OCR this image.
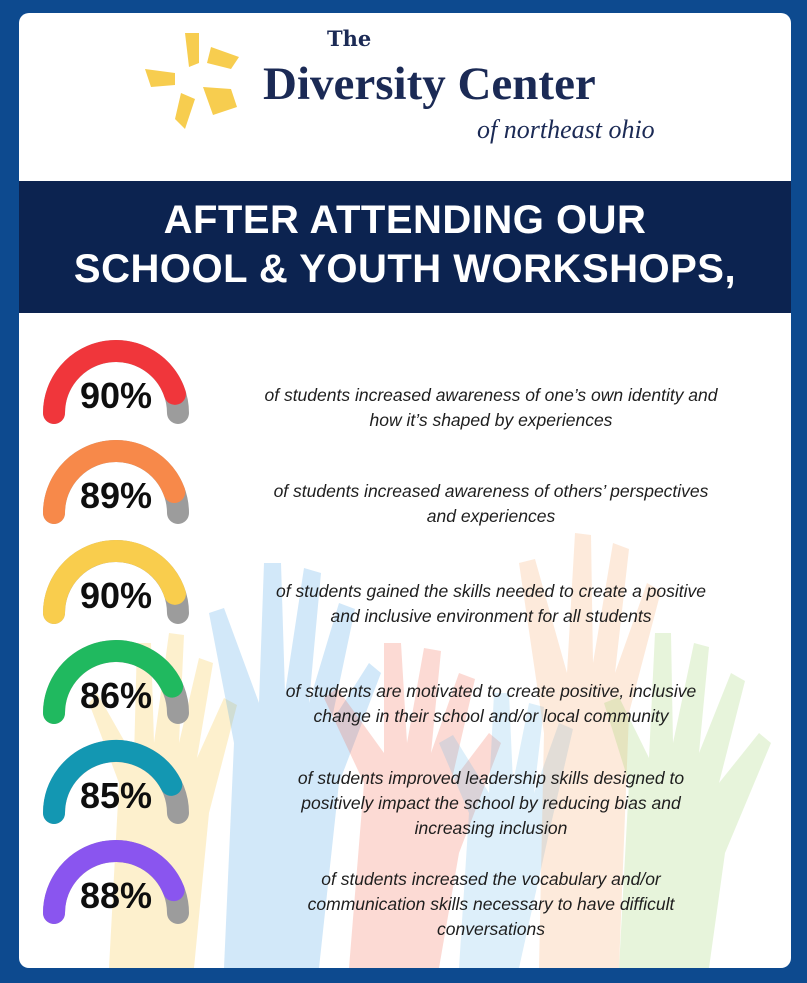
The
Diversity Center
of northeast ohio
AFTER ATTENDING OUR
SCHOOL & YOUTH WORKSHOPS,
90%	of students increased awareness of one’s own identity and
how it’s shaped by experiences
89%	of students increased awareness of others’ perspectives
and experiences
90%	of students gained the skills needed to create a positive
and inclusive environment for all students
86%	of students are motivated to create positive, inclusive
change in their school and/or local community
85%	of students improved leadership skills designed to
positively impact the school by reducing bias and
increasing inclusion
88%	of students increased the vocabulary and/or
communication skills necessary to have difficult
conversations
